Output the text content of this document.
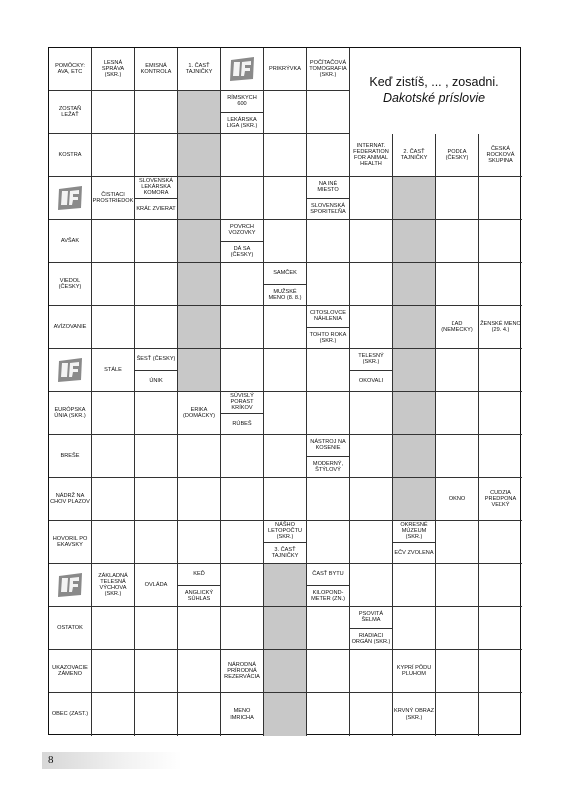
POMÔCKY: AVA, ETC
LESNÁ SPRÁVA (SKR.)
EMISNÁ KONTROLA
1. ČASŤ TAJNIČKY
PRIKRÝVKA
POČÍTAČOVÁ TOMOGRAFIA (SKR.)
ZOSTAŇ LEŽAŤ
RÍMSKYCH 600
LEKÁRSKA LIGA (SKR.)
KOSTRA
INTERNAT. FEDERATION FOR ANIMAL HEALTH
2. ČASŤ TAJNIČKY
PODĽA (ČESKY)
ČESKÁ ROCKOVÁ SKUPINA
ČISTIACI PROSTRIEDOK
SLOVENSKÁ LEKÁRSKA KOMORA
KRÁĽ ZVIERAT
NA INÉ MIESTO
SLOVENSKÁ SPORITEĽŇA
AVŠAK
POVRCH VOZOVKY
DÁ SA (ČESKY)
VIEDOL (ČESKY)
SAMČEK
MUŽSKÉ MENO (8. 8.)
AVÍZOVANIE
CITOSLOVCE NÁHLENIA
TOHTO ROKA (SKR.)
ĽAD (NEMECKY)
ŽENSKÉ MENO (29. 4.)
STÁLE
ŠESŤ (ČESKY)
ÚNIK
TELESNÝ (SKR.)
OKOVALI
EURÓPSKA ÚNIA (SKR.)
ERIKA (DOMÁCKY)
SÚVISLÝ PORAST KRÍKOV
RÚBEŠ
BREŠE
NÁSTROJ NA KOSENIE
MODERNÝ, ŠTÝLOVÝ
NÁDRŽ NA CHOV PLAZOV
OKNO
CUDZIA PREDPONA VEĽKÝ
HOVORIL PO EKAVSKY
NÁŠHO LETOPOČTU (SKR.)
3. ČASŤ TAJNIČKY
OKRESNÉ MÚZEUM (SKR.)
EČV ZVOLENA
ZÁKLADNÁ TELESNÁ VÝCHOVA (SKR.)
OVLÁDA
KEĎ
ANGLICKÝ SÚHLAS
ČASŤ BYTU
KILOPOND-METER (ZN.)
OSTATOK
PSOVITÁ ŠELMA
RIADIACI ORGÁN (SKR.)
UKAZOVACIE ZÁMENO
NÁRODNÁ PRÍRODNÁ REZERVÁCIA
KYPRÍ PÔDU PLUHOM
OBEC (ZAST.)
MENO IMRICHA
KRVNÝ OBRAZ (SKR.)
Keď zistíš, ... , zosadni.
Dakotské príslovie
8
